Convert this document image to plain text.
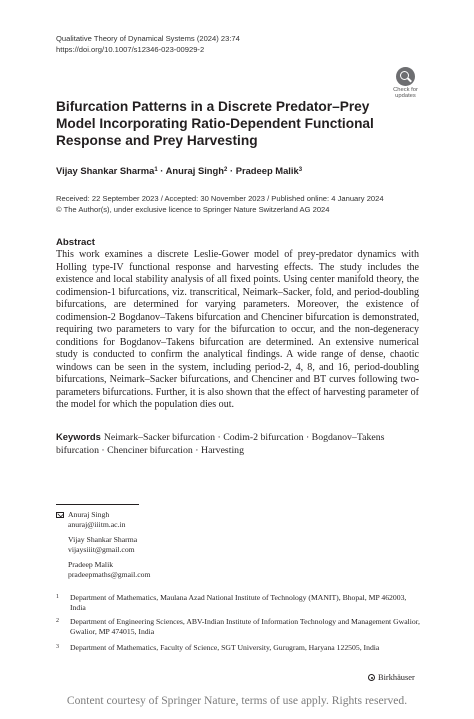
Qualitative Theory of Dynamical Systems (2024) 23:74
https://doi.org/10.1007/s12346-023-00929-2
Check for
updates
Bifurcation Patterns in a Discrete Predator–Prey Model Incorporating Ratio-Dependent Functional Response and Prey Harvesting
Vijay Shankar Sharma$^1$ · Anuraj Singh$^2$ · Pradeep Malik$^3$
Received: 22 September 2023 / Accepted: 30 November 2023 / Published online: 4 January 2024
© The Author(s), under exclusive licence to Springer Nature Switzerland AG 2024
Abstract

This work examines a discrete Leslie-Gower model of prey-predator dynamics with Holling type-IV functional response and harvesting effects. The study includes the existence and local stability analysis of all fixed points. Using center manifold theory, the codimension-1 bifurcations, viz. transcritical, Neimark–Sacker, fold, and period-doubling bifurcations, are determined for varying parameters. Moreover, the existence of codimension-2 Bogdanov–Takens bifurcation and Chenciner bifurcation is demonstrated, requiring two parameters to vary for the bifurcation to occur, and the non-degeneracy conditions for Bogdanov–Takens bifurcation are determined. An extensive numerical study is conducted to confirm the analytical findings. A wide range of dense, chaotic windows can be seen in the system, including period-2, 4, 8, and 16, period-doubling bifurcations, Neimark–Sacker bifurcations, and Chenciner and BT curves following two-parameters bifurcations. Further, it is also shown that the effect of harvesting parameter of the model for which the population dies out.

Keywords Neimark–Sacker bifurcation · Codim-2 bifurcation · Bogdanov–Takens bifurcation · Chenciner bifurcation · Harvesting

Anuraj Singh
anuraj@iiitm.ac.in
Vijay Shankar Sharma
vijaysiiit@gmail.com
Pradeep Malik
pradeepmaths@gmail.com
1 Department of Mathematics, Maulana Azad National Institute of Technology (MANIT), Bhopal, MP 462003, India
2 Department of Engineering Sciences, ABV-Indian Institute of Information Technology and Management Gwalior, Gwalior, MP 474015, India
3 Department of Mathematics, Faculty of Science, SGT University, Gurugram, Haryana 122505, India
Birkhäuser
Content courtesy of Springer Nature, terms of use apply. Rights reserved.
